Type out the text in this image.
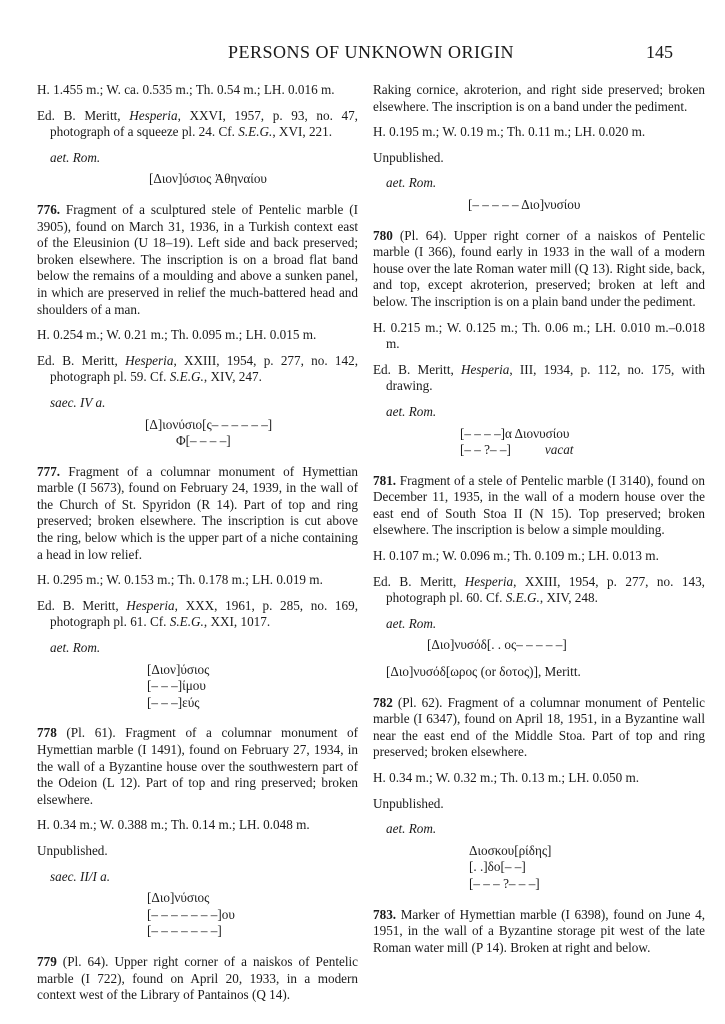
PERSONS OF UNKNOWN ORIGIN	145

H. 1.455 m.; W. ca. 0.535 m.; Th. 0.54 m.; LH. 0.016 m.

Ed. B. Meritt, Hesperia, XXVI, 1957, p. 93, no. 47, photograph of a squeeze pl. 24. Cf. S.E.G., XVI, 221.

aet. Rom.

[Διον]ύσιος Ἀθηναίου

776. Fragment of a sculptured stele of Pentelic marble (I 3905), found on March 31, 1936, in a Turkish context east of the Eleusinion (U 18–19). Left side and back preserved; broken elsewhere. The inscription is on a broad flat band below the remains of a moulding and above a sunken panel, in which are preserved in relief the much-battered head and shoulders of a man.

H. 0.254 m.; W. 0.21 m.; Th. 0.095 m.; LH. 0.015 m.

Ed. B. Meritt, Hesperia, XXIII, 1954, p. 277, no. 142, photograph pl. 59. Cf. S.E.G., XIV, 247.

saec. IV a.

[Δ]ιονύσιο[ς– – – – – –]
Φ[– – – –]

777. Fragment of a columnar monument of Hymettian marble (I 5673), found on February 24, 1939, in the wall of the Church of St. Spyridon (R 14). Part of top and ring preserved; broken elsewhere. The inscription is cut above the ring, below which is the upper part of a niche containing a head in low relief.

H. 0.295 m.; W. 0.153 m.; Th. 0.178 m.; LH. 0.019 m.

Ed. B. Meritt, Hesperia, XXX, 1961, p. 285, no. 169, photograph pl. 61. Cf. S.E.G., XXI, 1017.

aet. Rom.

[Διον]ύσιος
[– – –]ίμου
[– – –]εύς

778 (Pl. 61). Fragment of a columnar monument of Hymettian marble (I 1491), found on February 27, 1934, in the wall of a Byzantine house over the southwestern part of the Odeion (L 12). Part of top and ring preserved; broken elsewhere.

H. 0.34 m.; W. 0.388 m.; Th. 0.14 m.; LH. 0.048 m.

Unpublished.

saec. II/I a.

[Διο]νύσιος
[– – – – – – –]ου
[– – – – – – –]

779 (Pl. 64). Upper right corner of a naiskos of Pentelic marble (I 722), found on April 20, 1933, in a modern context west of the Library of Pantainos (Q 14).

Raking cornice, akroterion, and right side preserved; broken elsewhere. The inscription is on a band under the pediment.

H. 0.195 m.; W. 0.19 m.; Th. 0.11 m.; LH. 0.020 m.

Unpublished.

aet. Rom.

[– – – – – Διο]νυσίου

780 (Pl. 64). Upper right corner of a naiskos of Pentelic marble (I 366), found early in 1933 in the wall of a modern house over the late Roman water mill (Q 13). Right side, back, and top, except akroterion, preserved; broken at left and below. The inscription is on a plain band under the pediment.

H. 0.215 m.; W. 0.125 m.; Th. 0.06 m.; LH. 0.010 m.–0.018 m.

Ed. B. Meritt, Hesperia, III, 1934, p. 112, no. 175, with drawing.

aet. Rom.

[– – – –]α Διονυσίου
[– – ?– –]	vacat

781. Fragment of a stele of Pentelic marble (I 3140), found on December 11, 1935, in the wall of a modern house over the east end of South Stoa II (N 15). Top preserved; broken elsewhere. The inscription is below a simple moulding.

H. 0.107 m.; W. 0.096 m.; Th. 0.109 m.; LH. 0.013 m.

Ed. B. Meritt, Hesperia, XXIII, 1954, p. 277, no. 143, photograph pl. 60. Cf. S.E.G., XIV, 248.

aet. Rom.

[Διο]νυσόδ[. . ος– – – – –]

[Διο]νυσόδ[ωρος (or δοτος)], Meritt.

782 (Pl. 62). Fragment of a columnar monument of Pentelic marble (I 6347), found on April 18, 1951, in a Byzantine wall near the east end of the Middle Stoa. Part of top and ring preserved; broken elsewhere.

H. 0.34 m.; W. 0.32 m.; Th. 0.13 m.; LH. 0.050 m.

Unpublished.

aet. Rom.

Διοσκου[ρίδης]
[. .]δο[– –]
[– – – ?– – –]

783. Marker of Hymettian marble (I 6398), found on June 4, 1951, in the wall of a Byzantine storage pit west of the late Roman water mill (P 14). Broken at right and below.
